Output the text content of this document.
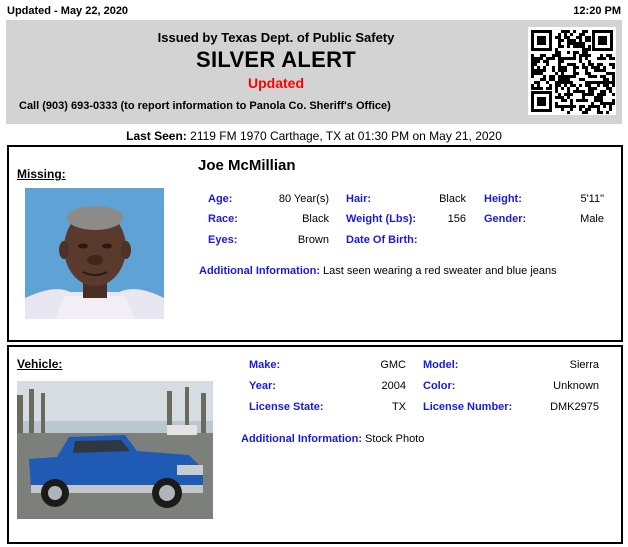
Updated - May 22, 2020	12:20 PM
Issued by Texas Dept. of Public Safety
SILVER ALERT
Updated
Call (903) 693-0333 (to report information to Panola Co. Sheriff's Office)
Last Seen: 2119 FM 1970 Carthage, TX at 01:30 PM on May 21, 2020
Missing:	Joe McMillian
Age:	80 Year(s) Hair:	Black Height:	5'11"
Race:	Black Weight (Lbs):	156 Gender:	Male
Eyes:	Brown Date Of Birth:
Additional Information: Last seen wearing a red sweater and blue jeans
Vehicle:	Make:	GMC Model:	Sierra
Year:	2004 Color:	Unknown
License State:	TX License Number:	DMK2975
Additional Information: Stock Photo
